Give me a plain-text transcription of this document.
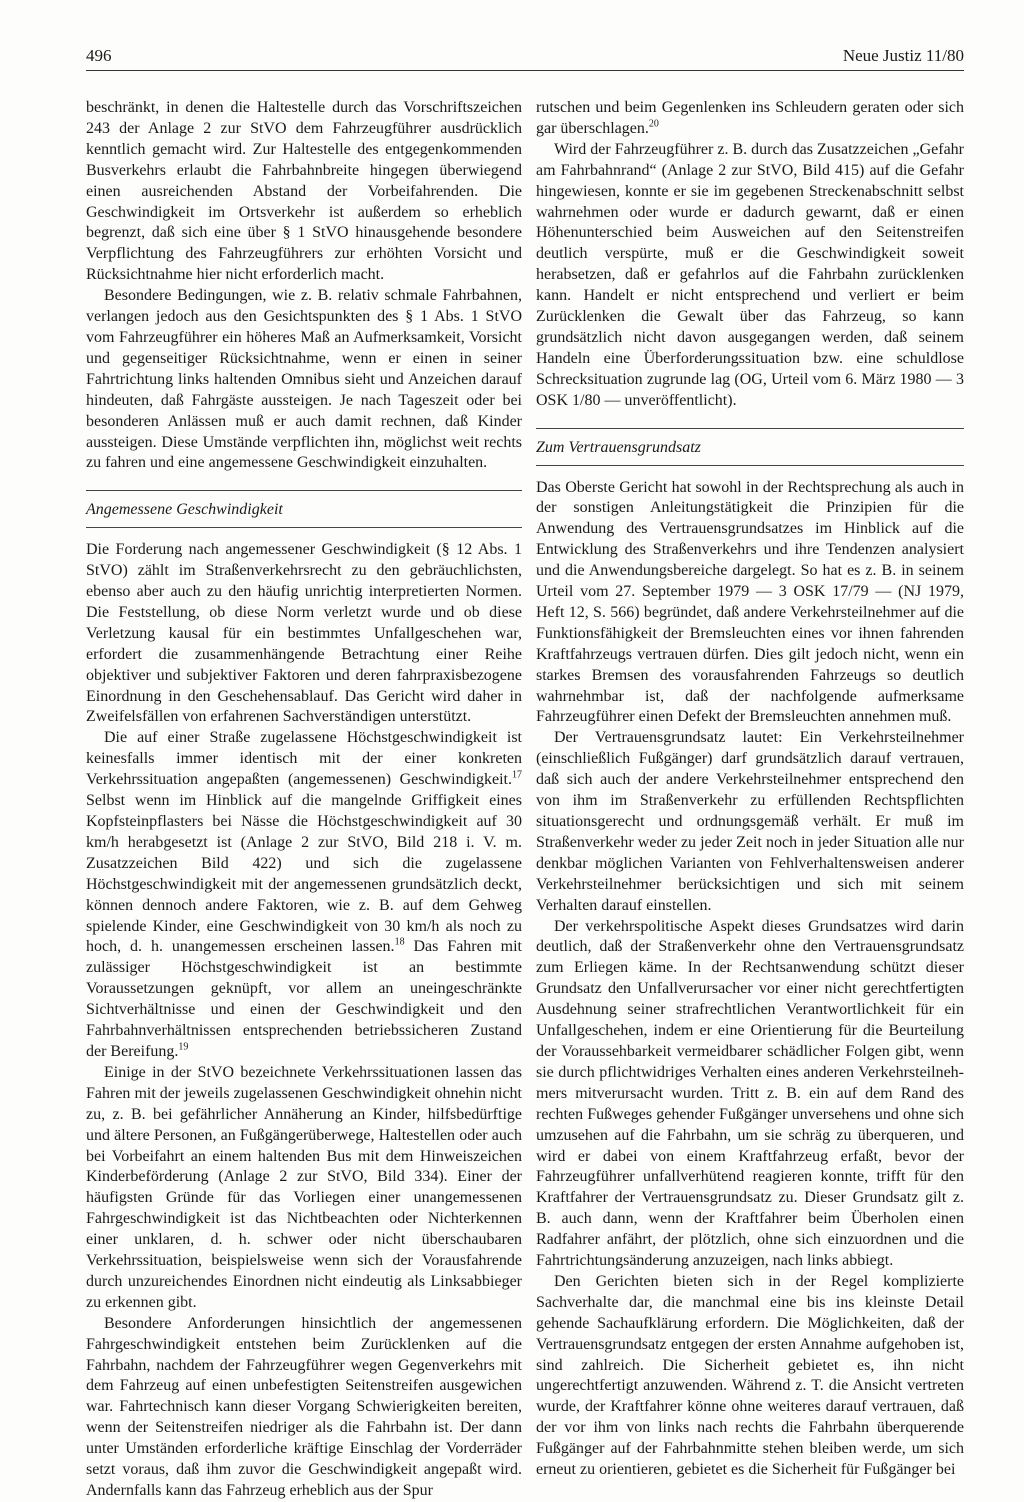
496	Neue Justiz 11/80

beschränkt, in denen die Haltestelle durch das Vorschriftszeichen 243 der Anlage 2 zur StVO dem Fahrzeugführer ausdrücklich kenntlich gemacht wird. Zur Haltestelle des entgegenkommenden Busverkehrs erlaubt die Fahrbahnbreite hingegen überwiegend einen ausreichenden Abstand der Vorbeifahrenden. Die Geschwindigkeit im Ortsverkehr ist außerdem so erheblich begrenzt, daß sich eine über § 1 StVO hinausgehende besondere Verpflichtung des Fahrzeugführers zur erhöhten Vorsicht und Rücksichtnahme hier nicht erforderlich macht.

Besondere Bedingungen, wie z. B. relativ schmale Fahrbahnen, verlangen jedoch aus den Gesichtspunkten des § 1 Abs. 1 StVO vom Fahrzeugführer ein höheres Maß an Aufmerksamkeit, Vorsicht und gegenseitiger Rücksichtnahme, wenn er einen in seiner Fahrtrichtung links haltenden Omnibus sieht und Anzeichen darauf hindeuten, daß Fahrgäste aussteigen. Je nach Tageszeit oder bei besonderen Anlässen muß er auch damit rechnen, daß Kinder aussteigen. Diese Umstände verpflichten ihn, möglichst weit rechts zu fahren und eine angemessene Geschwindigkeit einzuhalten.

Angemessene Geschwindigkeit

Die Forderung nach angemessener Geschwindigkeit (§ 12 Abs. 1 StVO) zählt im Straßenverkehrsrecht zu den gebräuchlichsten, ebenso aber auch zu den häufig unrichtig interpretierten Normen. Die Feststellung, ob diese Norm verletzt wurde und ob diese Verletzung kausal für ein bestimmtes Unfallgeschehen war, erfordert die zusammenhängende Betrachtung einer Reihe objektiver und subjektiver Faktoren und deren fahrpraxisbezogene Einordnung in den Geschehensablauf. Das Gericht wird daher in Zweifelsfällen von erfahrenen Sachverständigen unterstützt.

Die auf einer Straße zugelassene Höchstgeschwindigkeit ist keinesfalls immer identisch mit der einer konkreten Verkehrssituation angepaßten (angemessenen) Geschwindigkeit.$^{17}$ Selbst wenn im Hinblick auf die mangelnde Griffigkeit eines Kopfsteinpflasters bei Nässe die Höchstgeschwindigkeit auf 30 km/h herabgesetzt ist (Anlage 2 zur StVO, Bild 218 i. V. m. Zusatzzeichen Bild 422) und sich die zugelassene Höchstgeschwindigkeit mit der angemessenen grundsätzlich deckt, können dennoch andere Faktoren, wie z. B. auf dem Gehweg spielende Kinder, eine Geschwindigkeit von 30 km/h als noch zu hoch, d. h. unangemessen erscheinen lassen.$^{18}$ Das Fahren mit zulässiger Höchstgeschwindigkeit ist an bestimmte Voraussetzungen geknüpft, vor allem an uneingeschränkte Sichtverhältnisse und einen der Geschwindigkeit und den Fahrbahnverhältnissen entsprechenden betriebssicheren Zustand der Bereifung.$^{19}$

Einige in der StVO bezeichnete Verkehrssituationen lassen das Fahren mit der jeweils zugelassenen Geschwindigkeit ohnehin nicht zu, z. B. bei gefährlicher Annäherung an Kinder, hilfsbedürftige und ältere Personen, an Fußgängerüberwege, Haltestellen oder auch bei Vorbeifahrt an einem haltenden Bus mit dem Hinweiszeichen Kinderbeförderung (Anlage 2 zur StVO, Bild 334). Einer der häufigsten Gründe für das Vorliegen einer unangemessenen Fahrgeschwindigkeit ist das Nichtbeachten oder Nichterkennen einer unklaren, d. h. schwer oder nicht überschaubaren Verkehrssituation, beispielsweise wenn sich der Vorausfahrende durch unzureichendes Einordnen nicht eindeutig als Linksabbieger zu erkennen gibt.

Besondere Anforderungen hinsichtlich der angemessenen Fahrgeschwindigkeit entstehen beim Zurücklenken auf die Fahrbahn, nachdem der Fahrzeugführer wegen Gegenverkehrs mit dem Fahrzeug auf einen unbefestigten Seitenstreifen ausgewichen war. Fahrtechnisch kann dieser Vorgang Schwierigkeiten bereiten, wenn der Seitenstreifen niedriger als die Fahrbahn ist. Der dann unter Umständen erforderliche kräftige Einschlag der Vorderräder setzt voraus, daß ihm zuvor die Geschwindigkeit angepaßt wird. Andernfalls kann das Fahrzeug erheblich aus der Spur

rutschen und beim Gegenlenken ins Schleudern geraten oder sich gar überschlagen.$^{20}$

Wird der Fahrzeugführer z. B. durch das Zusatzzeichen „Gefahr am Fahrbahnrand“ (Anlage 2 zur StVO, Bild 415) auf die Gefahr hingewiesen, konnte er sie im gegebenen Streckenabschnitt selbst wahrnehmen oder wurde er dadurch gewarnt, daß er einen Höhenunterschied beim Ausweichen auf den Seitenstreifen deutlich verspürte, muß er die Geschwindigkeit soweit herabsetzen, daß er gefahrlos auf die Fahrbahn zurücklenken kann. Handelt er nicht entsprechend und verliert er beim Zurücklenken die Gewalt über das Fahrzeug, so kann grundsätzlich nicht davon ausgegangen werden, daß seinem Handeln eine Überforderungssituation bzw. eine schuldlose Schrecksituation zugrunde lag (OG, Urteil vom 6. März 1980 — 3 OSK 1/80 — unveröffentlicht).

Zum Vertrauensgrundsatz

Das Oberste Gericht hat sowohl in der Rechtsprechung als auch in der sonstigen Anleitungstätigkeit die Prinzipien für die Anwendung des Vertrauensgrundsatzes im Hinblick auf die Entwicklung des Straßenverkehrs und ihre Tendenzen analysiert und die Anwendungsbereiche dargelegt. So hat es z. B. in seinem Urteil vom 27. September 1979 — 3 OSK 17/79 — (NJ 1979, Heft 12, S. 566) begründet, daß andere Verkehrsteilnehmer auf die Funktionsfähigkeit der Bremsleuchten eines vor ihnen fahrenden Kraftfahrzeugs vertrauen dürfen. Dies gilt jedoch nicht, wenn ein starkes Bremsen des vorausfahrenden Fahrzeugs so deutlich wahrnehmbar ist, daß der nachfolgende aufmerksame Fahrzeugführer einen Defekt der Bremsleuchten annehmen muß.

Der Vertrauensgrundsatz lautet: Ein Verkehrsteilnehmer (einschließlich Fußgänger) darf grundsätzlich darauf vertrauen, daß sich auch der andere Verkehrsteilnehmer entsprechend den von ihm im Straßenverkehr zu erfüllenden Rechtspflichten situationsgerecht und ordnungsgemäß verhält. Er muß im Straßenverkehr weder zu jeder Zeit noch in jeder Situation alle nur denkbar möglichen Varianten von Fehlverhaltensweisen anderer Verkehrsteilnehmer berücksichtigen und sich mit seinem Verhalten darauf einstellen.

Der verkehrspolitische Aspekt dieses Grundsatzes wird darin deutlich, daß der Straßenverkehr ohne den Vertrauensgrundsatz zum Erliegen käme. In der Rechtsanwendung schützt dieser Grundsatz den Unfallverursacher vor einer nicht gerechtfertigten Ausdehnung seiner strafrechtlichen Verantwortlichkeit für ein Unfallgeschehen, indem er eine Orientierung für die Beurteilung der Voraussehbarkeit vermeidbarer schädlicher Folgen gibt, wenn sie durch pflichtwidriges Verhalten eines anderen Verkehrsteilnehmers mitverursacht wurden. Tritt z. B. ein auf dem Rand des rechten Fußweges gehender Fußgänger unversehens und ohne sich umzusehen auf die Fahrbahn, um sie schräg zu überqueren, und wird er dabei von einem Kraftfahrzeug erfaßt, bevor der Fahrzeugführer unfallverhütend reagieren konnte, trifft für den Kraftfahrer der Vertrauensgrundsatz zu. Dieser Grundsatz gilt z. B. auch dann, wenn der Kraftfahrer beim Überholen einen Radfahrer anfährt, der plötzlich, ohne sich einzuordnen und die Fahrtrichtungsänderung anzuzeigen, nach links abbiegt.

Den Gerichten bieten sich in der Regel komplizierte Sachverhalte dar, die manchmal eine bis ins kleinste Detail gehende Sachaufklärung erfordern. Die Möglichkeiten, daß der Vertrauensgrundsatz entgegen der ersten Annahme aufgehoben ist, sind zahlreich. Die Sicherheit gebietet es, ihn nicht ungerechtfertigt anzuwenden. Während z. T. die Ansicht vertreten wurde, der Kraftfahrer könne ohne weiteres darauf vertrauen, daß der vor ihm von links nach rechts die Fahrbahn überquerende Fußgänger auf der Fahrbahnmitte stehen bleiben werde, um sich erneut zu orientieren, gebietet es die Sicherheit für Fußgänger bei
